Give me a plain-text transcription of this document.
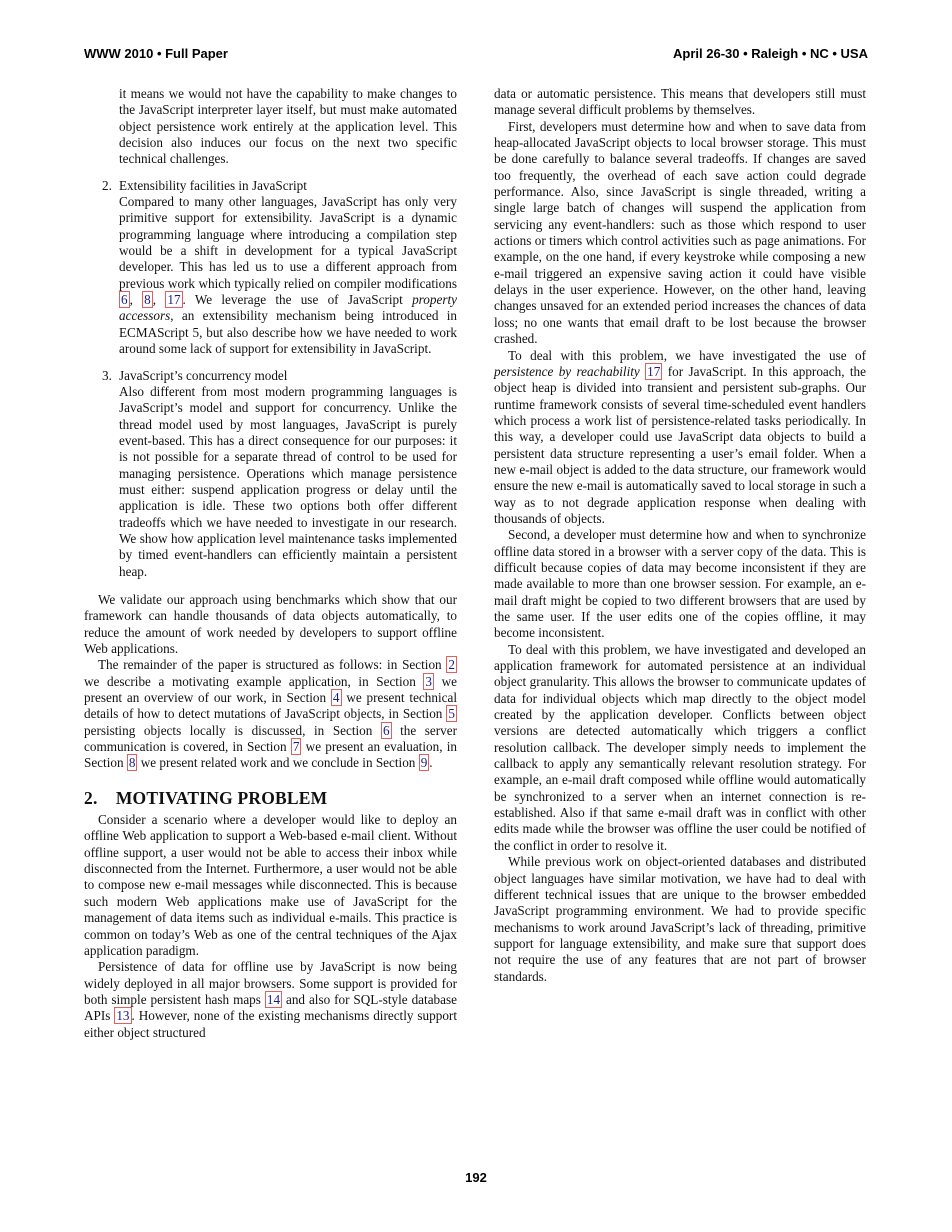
WWW 2010 • Full Paper	April 26-30 • Raleigh • NC • USA
it means we would not have the capability to make changes to the JavaScript interpreter layer itself, but must make automated object persistence work entirely at the application level. This decision also induces our focus on the next two specific technical challenges.
2. Extensibility facilities in JavaScript
Compared to many other languages, JavaScript has only very primitive support for extensibility. JavaScript is a dynamic programming language where introducing a compilation step would be a shift in development for a typical JavaScript developer. This has led us to use a different approach from previous work which typically relied on compiler modifications 6 , 8 , 17 . We leverage the use of JavaScript property accessors, an extensibility mechanism being introduced in ECMAScript 5, but also describe how we have needed to work around some lack of support for extensibility in JavaScript.
3. JavaScript’s concurrency model
Also different from most modern programming languages is JavaScript’s model and support for concurrency. Unlike the thread model used by most languages, JavaScript is purely event-based. This has a direct consequence for our purposes: it is not possible for a separate thread of control to be used for managing persistence. Operations which manage persistence must either: suspend application progress or delay until the application is idle. These two options both offer different tradeoffs which we have needed to investigate in our research. We show how application level maintenance tasks implemented by timed event-handlers can efficiently maintain a persistent heap.

We validate our approach using benchmarks which show that our framework can handle thousands of data objects automatically, to reduce the amount of work needed by developers to support offline Web applications.

The remainder of the paper is structured as follows: in Section 2 we describe a motivating example application, in Section 3 we present an overview of our work, in Section 4 we present technical details of how to detect mutations of JavaScript objects, in Section 5 persisting objects locally is discussed, in Section 6 the server communication is covered, in Section 7 we present an evaluation, in Section 8 we present related work and we conclude in Section 9 .

2.    MOTIVATING PROBLEM

Consider a scenario where a developer would like to deploy an offline Web application to support a Web-based e-mail client. Without offline support, a user would not be able to access their inbox while disconnected from the Internet. Furthermore, a user would not be able to compose new e-mail messages while disconnected. This is because such modern Web applications make use of JavaScript for the management of data items such as individual e-mails. This practice is common on today’s Web as one of the central techniques of the Ajax application paradigm.

Persistence of data for offline use by JavaScript is now being widely deployed in all major browsers. Some support is provided for both simple persistent hash maps 14 and also for SQL-style database APIs 13 . However, none of the existing mechanisms directly support either object structured

data or automatic persistence. This means that developers still must manage several difficult problems by themselves.

First, developers must determine how and when to save data from heap-allocated JavaScript objects to local browser storage. This must be done carefully to balance several tradeoffs. If changes are saved too frequently, the overhead of each save action could degrade performance. Also, since JavaScript is single threaded, writing a single large batch of changes will suspend the application from servicing any event-handlers: such as those which respond to user actions or timers which control activities such as page animations. For example, on the one hand, if every keystroke while composing a new e-mail triggered an expensive saving action it could have visible delays in the user experience. However, on the other hand, leaving changes unsaved for an extended period increases the chances of data loss; no one wants that email draft to be lost because the browser crashed.

To deal with this problem, we have investigated the use of persistence by reachability 17 for JavaScript. In this approach, the object heap is divided into transient and persistent sub-graphs. Our runtime framework consists of several time-scheduled event handlers which process a work list of persistence-related tasks periodically. In this way, a developer could use JavaScript data objects to build a persistent data structure representing a user’s email folder. When a new e-mail object is added to the data structure, our framework would ensure the new e-mail is automatically saved to local storage in such a way as to not degrade application response when dealing with thousands of objects.

Second, a developer must determine how and when to synchronize offline data stored in a browser with a server copy of the data. This is difficult because copies of data may become inconsistent if they are made available to more than one browser session. For example, an e-mail draft might be copied to two different browsers that are used by the same user. If the user edits one of the copies offline, it may become inconsistent.

To deal with this problem, we have investigated and developed an application framework for automated persistence at an individual object granularity. This allows the browser to communicate updates of data for individual objects which map directly to the object model created by the application developer. Conflicts between object versions are detected automatically which triggers a conflict resolution callback. The developer simply needs to implement the callback to apply any semantically relevant resolution strategy. For example, an e-mail draft composed while offline would automatically be synchronized to a server when an internet connection is re-established. Also if that same e-mail draft was in conflict with other edits made while the browser was offline the user could be notified of the conflict in order to resolve it.

While previous work on object-oriented databases and distributed object languages have similar motivation, we have had to deal with different technical issues that are unique to the browser embedded JavaScript programming environment. We had to provide specific mechanisms to work around JavaScript’s lack of threading, primitive support for language extensibility, and make sure that support does not require the use of any features that are not part of browser standards.

192
